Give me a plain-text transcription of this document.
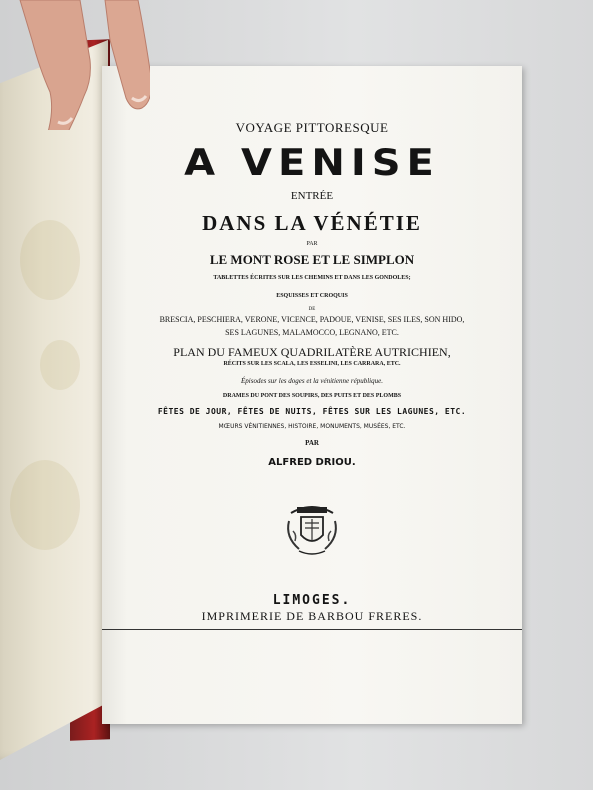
VOYAGE PITTORESQUE
A VENISE
ENTRÉE
DANS LA VÉNÉTIE
PAR
LE MONT ROSE ET LE SIMPLON
TABLETTES ÉCRITES SUR LES CHEMINS ET DANS LES GONDOLES;
ESQUISSES ET CROQUIS
DE
BRESCIA, PESCHIERA, VERONE, VICENCE, PADOUE, VENISE, SES ILES, SON HIDO,
SES LAGUNES, MALAMOCCO, LEGNANO, ETC.
PLAN DU FAMEUX QUADRILATÈRE AUTRICHIEN,
RÉCITS SUR LES SCALA, LES ESSELINI, LES CARRARA, ETC.
Épisodes sur les doges et la vénitienne république.
DRAMES DU PONT DES SOUPIRS, DES PUITS ET DES PLOMBS
FÊTES DE JOUR, FÊTES DE NUITS, FÊTES SUR LES LAGUNES, ETC.
MŒURS VÉNITIENNES, HISTOIRE, MONUMENTS, MUSÉES, ETC.
PAR
ALFRED DRIOU.
LIMOGES.
IMPRIMERIE DE BARBOU FRERES.
